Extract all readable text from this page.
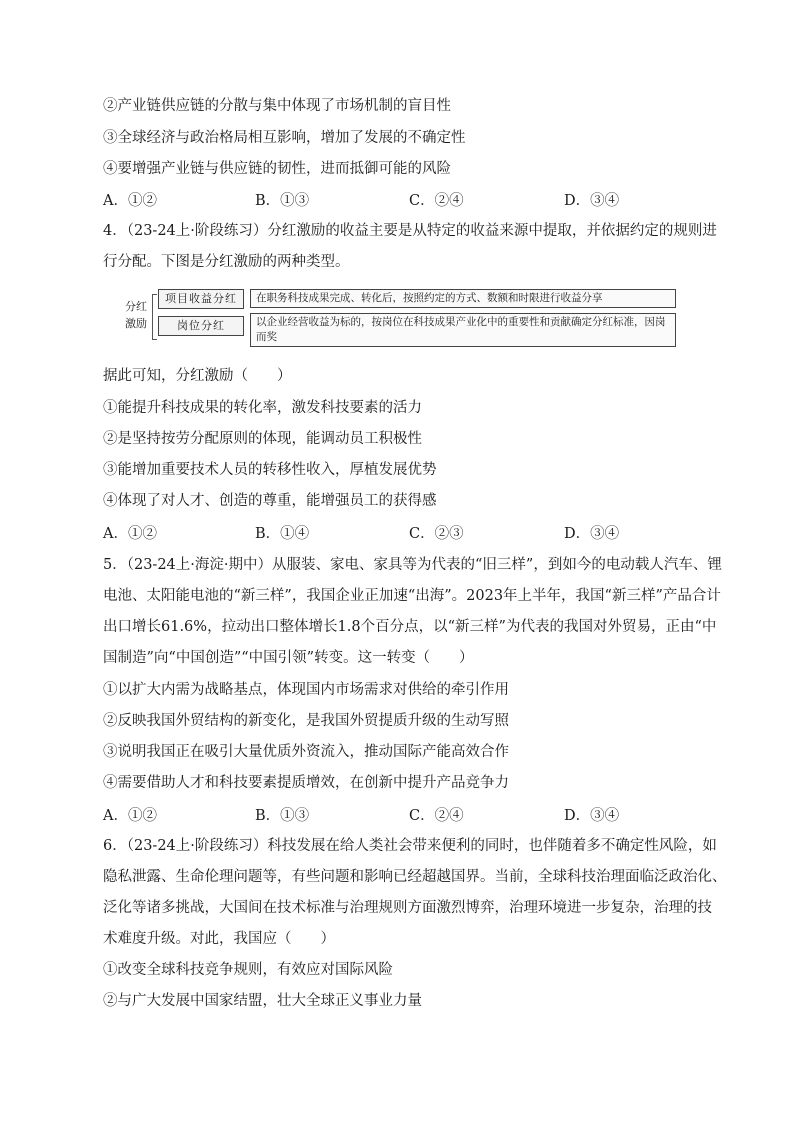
②产业链供应链的分散与集中体现了市场机制的盲目性
③全球经济与政治格局相互影响，增加了发展的不确定性
④要增强产业链与供应链的韧性，进而抵御可能的风险
A．①②	B．①③	C．②④	D．③④
4．（23-24上·阶段练习）分红激励的收益主要是从特定的收益来源中提取，并依据约定的规则进
行分配。下图是分红激励的两种类型。
分红
激励
项目收益分红	在职务科技成果完成、转化后，按照约定的方式、数额和时限进行收益分享
岗位分红	以企业经营收益为标的，按岗位在科技成果产业化中的重要性和贡献确定分红标准，因岗而奖
据此可知，分红激励（　　）
①能提升科技成果的转化率，激发科技要素的活力
②是坚持按劳分配原则的体现，能调动员工积极性
③能增加重要技术人员的转移性收入，厚植发展优势
④体现了对人才、创造的尊重，能增强员工的获得感
A．①②	B．①④	C．②③	D．③④
5．（23-24上·海淀·期中）从服装、家电、家具等为代表的“旧三样”，到如今的电动载人汽车、锂
电池、太阳能电池的“新三样”，我国企业正加速“出海”。2023年上半年，我国“新三样”产品合计
出口增长61.6%，拉动出口整体增长1.8个百分点，以“新三样”为代表的我国对外贸易，正由“中
国制造”向“中国创造”“中国引领”转变。这一转变（　　）
①以扩大内需为战略基点，体现国内市场需求对供给的牵引作用
②反映我国外贸结构的新变化，是我国外贸提质升级的生动写照
③说明我国正在吸引大量优质外资流入，推动国际产能高效合作
④需要借助人才和科技要素提质增效，在创新中提升产品竞争力
A．①②	B．①③	C．②④	D．③④
6．（23-24上·阶段练习）科技发展在给人类社会带来便利的同时，也伴随着多不确定性风险，如
隐私泄露、生命伦理问题等，有些问题和影响已经超越国界。当前，全球科技治理面临泛政治化、
泛化等诸多挑战，大国间在技术标准与治理规则方面激烈博弈，治理环境进一步复杂，治理的技
术难度升级。对此，我国应（　　）
①改变全球科技竞争规则，有效应对国际风险
②与广大发展中国家结盟，壮大全球正义事业力量
